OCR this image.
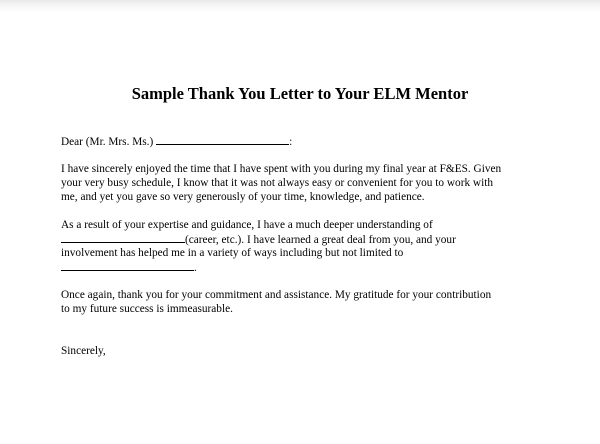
Sample Thank You Letter to Your ELM Mentor
Dear (Mr. Mrs. Ms.)	:
I have sincerely enjoyed the time that I have spent with you during my final year at F&ES. Given
your very busy schedule, I know that it was not always easy or convenient for you to work with
me, and yet you gave so very generously of your time, knowledge, and patience.
As a result of your expertise and guidance, I have a much deeper understanding of
(career, etc.). I have learned a great deal from you, and your
involvement has helped me in a variety of ways including but not limited to
.
Once again, thank you for your commitment and assistance. My gratitude for your contribution
to my future success is immeasurable.
Sincerely,
